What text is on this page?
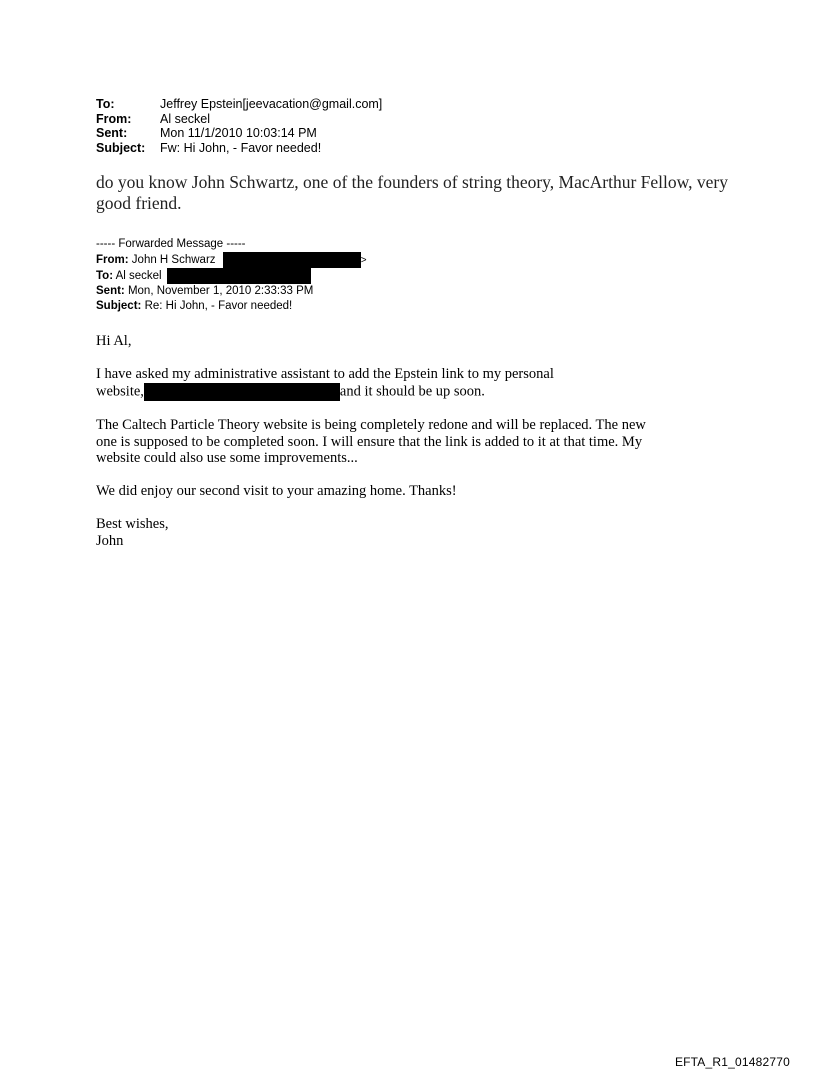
To:	Jeffrey Epstein[jeevacation@gmail.com]
From:	Al seckel
Sent:	Mon 11/1/2010 10:03:14 PM
Subject:	Fw: Hi John, - Favor needed!
do you know John Schwartz, one of the founders of string theory, MacArthur Fellow, very good friend.
----- Forwarded Message -----
From: John H Schwarz	>
To: Al seckel
Sent: Mon, November 1, 2010 2:33:33 PM
Subject: Re: Hi John, - Favor needed!

Hi Al,

I have asked my administrative assistant to add the Epstein link to my personal
website,	and it should be up soon.

The Caltech Particle Theory website is being completely redone and will be replaced. The new one is supposed to be completed soon. I will ensure that the link is added to it at that time. My website could also use some improvements...

We did enjoy our second visit to your amazing home. Thanks!

Best wishes,
John
EFTA_R1_01482770
